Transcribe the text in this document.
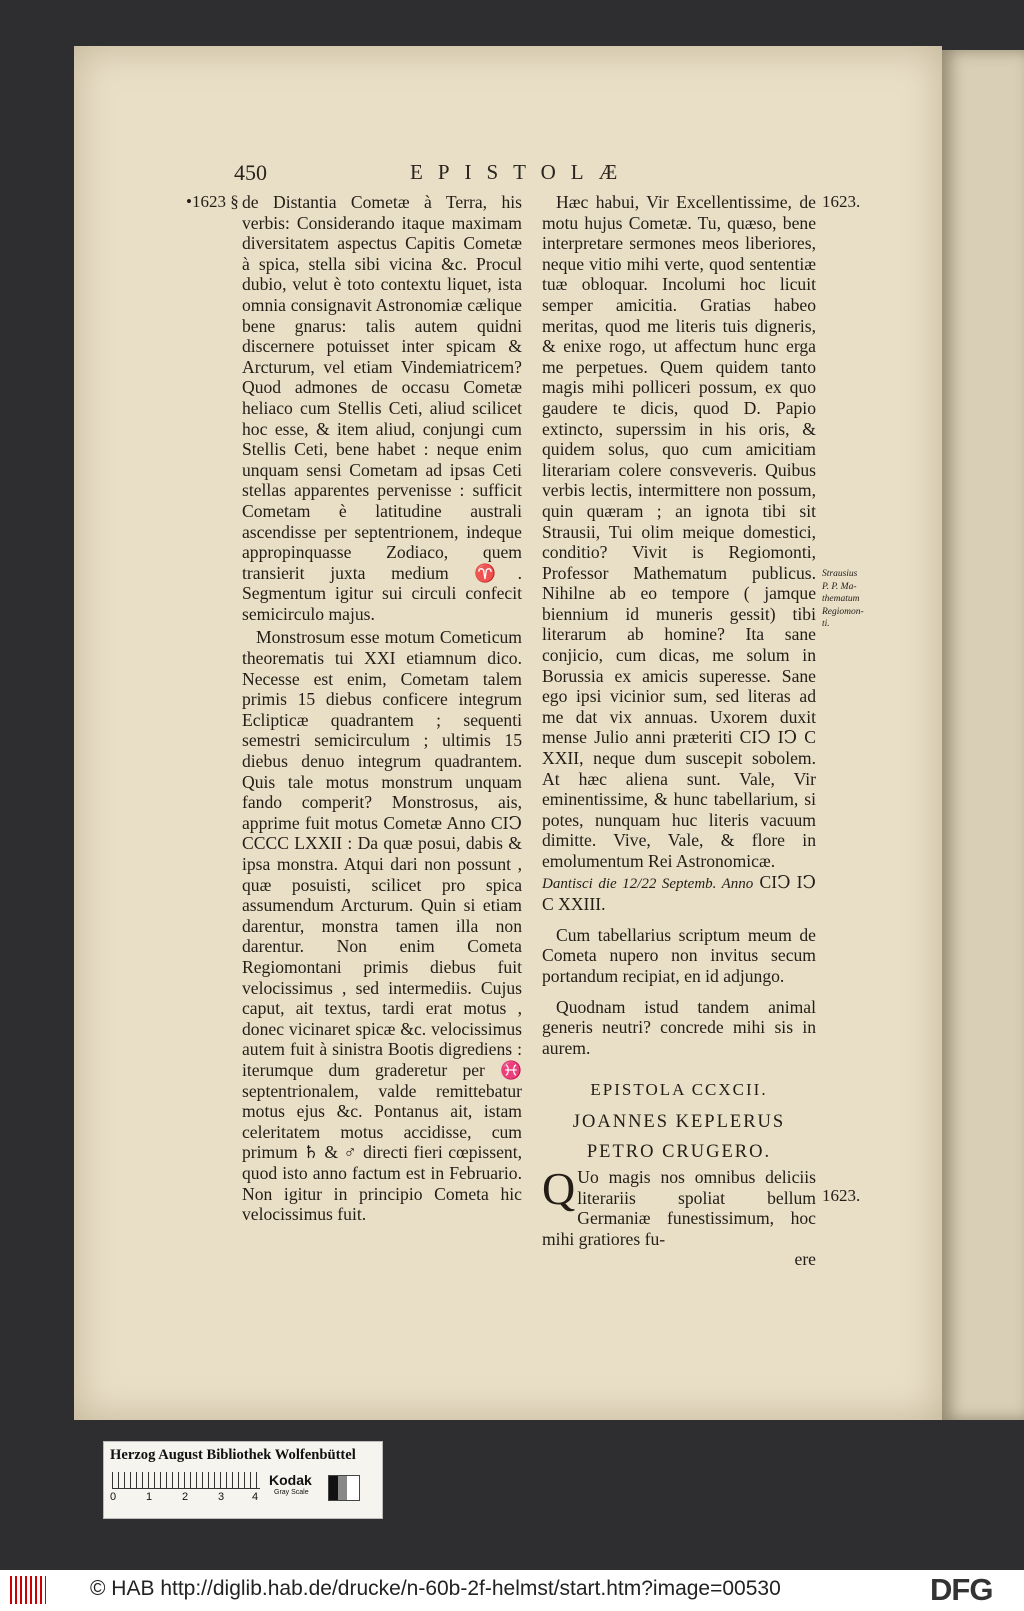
450	EPISTOLÆ
•1623 §	1623.
Strausius
P. P. Ma-
thematum
Regiomon-
ti.
1623.

de Distantia Cometæ à Terra, his verbis: Considerando itaque maximam diversitatem aspectus Capitis Cometæ à spica, stella sibi vicina &c. Procul dubio, velut è toto contextu liquet, ista omnia consignavit Astronomiæ cælique bene gnarus: talis autem quidni discernere potuisset inter spicam & Arcturum, vel etiam Vindemiatricem? Quod admones de occasu Cometæ heliaco cum Stellis Ceti, aliud scilicet hoc esse, & item aliud, conjungi cum Stellis Ceti, bene habet : neque enim unquam sensi Cometam ad ipsas Ceti stellas apparentes pervenisse : sufficit Cometam è latitudine australi ascendisse per septentrionem, indeque appropinquasse Zodiaco, quem transierit juxta medium ♈. Segmentum igitur sui circuli confecit semicirculo majus.

Monstrosum esse motum Cometicum theorematis tui XXI etiamnum dico. Necesse est enim, Cometam talem primis 15 diebus conficere integrum Eclipticæ quadrantem ; sequenti semestri semicirculum ; ultimis 15 diebus denuo integrum quadrantem. Quis tale motus monstrum unquam fando comperit? Monstrosus, ais, apprime fuit motus Cometæ Anno CIↃ CCCC LXXII : Da quæ posui, dabis & ipsa monstra. Atqui dari non possunt , quæ posuisti, scilicet pro spica assumendum Arcturum. Quin si etiam darentur, monstra tamen illa non darentur. Non enim Cometa Regiomontani primis diebus fuit velocissimus , sed intermediis. Cujus caput, ait textus, tardi erat motus , donec vicinaret spicæ &c. velocissimus autem fuit à sinistra Bootis digrediens : iterumque dum graderetur per ♓ septentrionalem, valde remittebatur motus ejus &c. Pontanus ait, istam celeritatem motus accidisse, cum primum ♄ & ♂ directi fieri cœpissent, quod isto anno factum est in Februario. Non igitur in principio Cometa hic velocissimus fuit.

Hæc habui, Vir Excellentissime, de motu hujus Cometæ. Tu, quæso, bene interpretare sermones meos liberiores, neque vitio mihi verte, quod sententiæ tuæ obloquar. Incolumi hoc licuit semper amicitia. Gratias habeo meritas, quod me literis tuis digneris, & enixe rogo, ut affectum hunc erga me perpetues. Quem quidem tanto magis mihi polliceri possum, ex quo gaudere te dicis, quod D. Papio extincto, superssim in his oris, & quidem solus, quo cum amicitiam literariam colere consveveris. Quibus verbis lectis, intermittere non possum, quin quæram ; an ignota tibi sit Strausii, Tui olim meique domestici, conditio? Vivit is Regiomonti, Professor Mathematum publicus. Nihilne ab eo tempore ( jamque biennium id muneris gessit) tibi literarum ab homine? Ita sane conjicio, cum dicas, me solum in Borussia ex amicis superesse. Sane ego ipsi vicinior sum, sed literas ad me dat vix annuas. Uxorem duxit mense Julio anni præteriti CIↃ IↃ C XXII, neque dum suscepit sobolem. At hæc aliena sunt. Vale, Vir eminentissime, & hunc tabellarium, si potes, nunquam huc literis vacuum dimitte. Vive, Vale, & flore in emolumentum Rei Astronomicæ.

Dantisci die 12/22 Septemb. Anno CIↃ IↃ C XXIII.

Cum tabellarius scriptum meum de Cometa nupero non invitus secum portandum recipiat, en id adjungo.

Quodnam istud tandem animal generis neutri? concrede mihi sis in aurem.

EPISTOLA CCXCII.
JOANNES KEPLERUS
PETRO CRUGERO.

Q Uo magis nos omnibus deliciis literariis spoliat bellum Germaniæ funestissimum, hoc mihi gratiores fu-

ere

Herzog August Bibliothek Wolfenbüttel
0	1	2	3	4
Kodak
Gray Scale
© HAB http://diglib.hab.de/drucke/n-60b-2f-helmst/start.htm?image=00530	DFG
